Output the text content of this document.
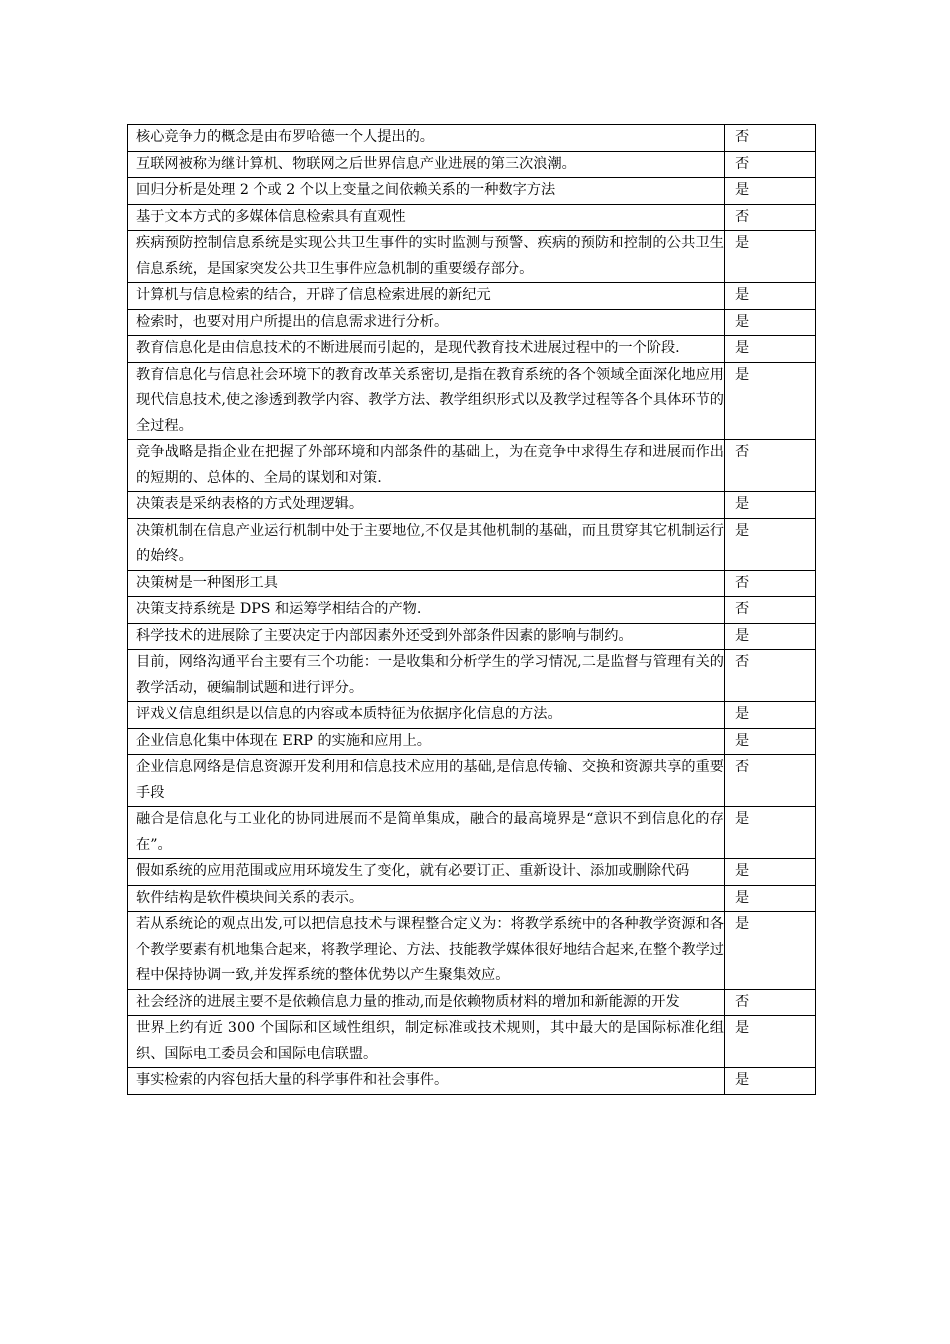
核心竞争力的概念是由布罗哈德一个人提出的。	否
互联网被称为继计算机、物联网之后世界信息产业进展的第三次浪潮。	否
回归分析是处理 2 个或 2 个以上变量之间依赖关系的一种数字方法	是
基于文本方式的多媒体信息检索具有直观性	否
疾病预防控制信息系统是实现公共卫生事件的实时监测与预警、疾病的预防和控制的公共卫生信息系统，是国家突发公共卫生事件应急机制的重要缓存部分。	是
计算机与信息检索的结合，开辟了信息检索进展的新纪元	是
检索时，也要对用户所提出的信息需求进行分析。	是
教育信息化是由信息技术的不断进展而引起的，是现代教育技术进展过程中的一个阶段.	是
教育信息化与信息社会环境下的教育改革关系密切,是指在教育系统的各个领域全面深化地应用现代信息技术,使之渗透到教学内容、教学方法、教学组织形式以及教学过程等各个具体环节的全过程。	是
竞争战略是指企业在把握了外部环境和内部条件的基础上，为在竞争中求得生存和进展而作出的短期的、总体的、全局的谋划和对策.	否
决策表是采纳表格的方式处理逻辑。	是
决策机制在信息产业运行机制中处于主要地位,不仅是其他机制的基础，而且贯穿其它机制运行的始终。	是
决策树是一种图形工具	否
决策支持系统是 DPS 和运筹学相结合的产物.	否
科学技术的进展除了主要决定于内部因素外还受到外部条件因素的影响与制约。	是
目前，网络沟通平台主要有三个功能：一是收集和分析学生的学习情况,二是监督与管理有关的教学活动，硬编制试题和进行评分。	否
评戏义信息组织是以信息的内容或本质特征为依据序化信息的方法。	是
企业信息化集中体现在 ERP 的实施和应用上。	是
企业信息网络是信息资源开发利用和信息技术应用的基础,是信息传输、交换和资源共享的重要手段	否
融合是信息化与工业化的协同进展而不是简单集成，融合的最高境界是“意识不到信息化的存在”。	是
假如系统的应用范围或应用环境发生了变化，就有必要订正、重新设计、添加或删除代码	是
软件结构是软件模块间关系的表示。	是
若从系统论的观点出发,可以把信息技术与课程整合定义为：将教学系统中的各种教学资源和各个教学要素有机地集合起来，将教学理论、方法、技能教学媒体很好地结合起来,在整个教学过程中保持协调一致,并发挥系统的整体优势以产生聚集效应。	是
社会经济的进展主要不是依赖信息力量的推动,而是依赖物质材料的增加和新能源的开发	否
世界上约有近 300 个国际和区域性组织，制定标准或技术规则，其中最大的是国际标准化组织、国际电工委员会和国际电信联盟。	是
事实检索的内容包括大量的科学事件和社会事件。	是
